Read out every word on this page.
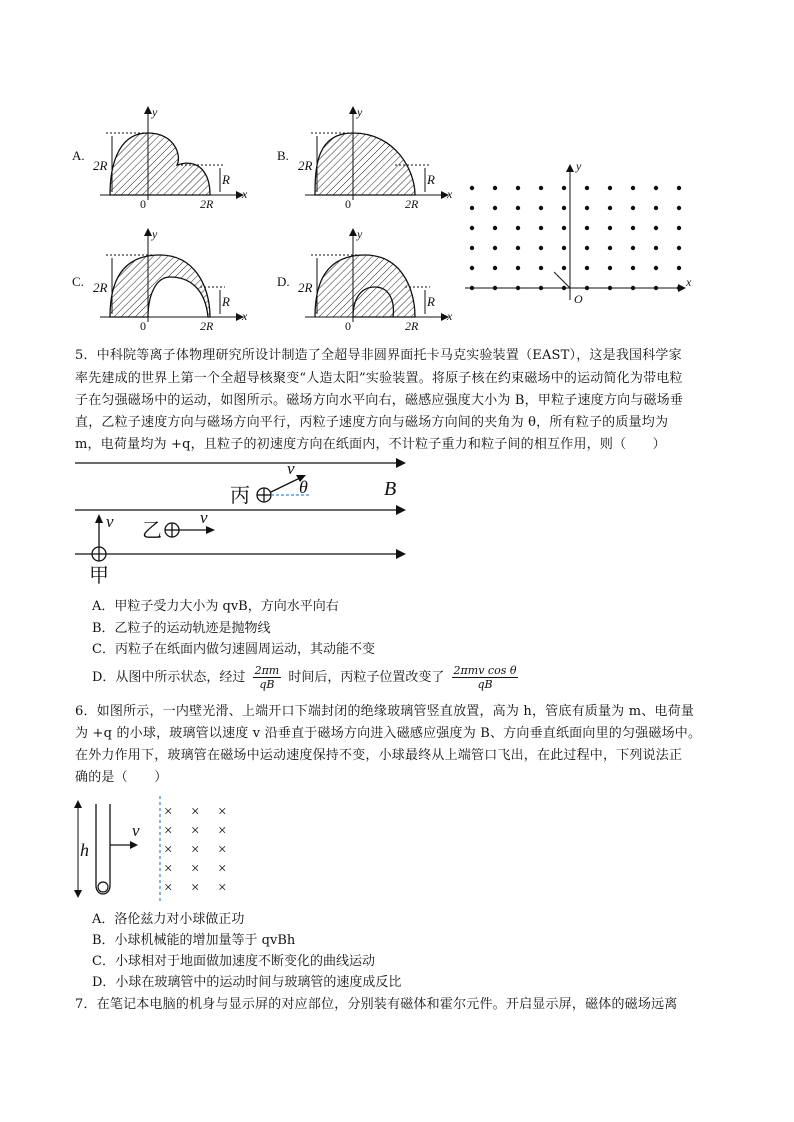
A.
2R
R
0	2R
x
y
B.
2R
R
0	2R
x
y
C. 2R
R
0	2R
x
y
D. 2R
R
0	2R
x
y
O
x
y
5．中科院等离子体物理研究所设计制造了全超导非圆界面托卡马克实验装置（EAST），这是我国科学家
率先建成的世界上第一个全超导核聚变“人造太阳”实验装置。将原子核在约束磁场中的运动简化为带电粒
子在匀强磁场中的运动，如图所示。磁场方向水平向右，磁感应强度大小为 B，甲粒子速度方向与磁场垂
直，乙粒子速度方向与磁场方向平行，丙粒子速度方向与磁场方向间的夹角为 θ，所有粒子的质量均为
m，电荷量均为 +q，且粒子的初速度方向在纸面内，不计粒子重力和粒子间的相互作用，则（　　）
B
丙
v
θ
乙
v
v
甲
A．甲粒子受力大小为 qvB，方向水平向右
B．乙粒子的运动轨迹是抛物线
C．丙粒子在纸面内做匀速圆周运动，其动能不变
D．从图中所示状态，经过 $\frac{2\pi m}{qB}$ 时间后，丙粒子位置改变了 $\frac{\text{2πmv cos θ}}{qB}$
6．如图所示，一内壁光滑、上端开口下端封闭的绝缘玻璃管竖直放置，高为 h，管底有质量为 m、电荷量
为 +q 的小球，玻璃管以速度 v 沿垂直于磁场方向进入磁感应强度为 B、方向垂直纸面向里的匀强磁场中。
在外力作用下，玻璃管在磁场中运动速度保持不变，小球最终从上端管口飞出，在此过程中，下列说法正
确的是（　　）
h
v
× × ×
× × ×
× × ×
× × ×
× × ×
A．洛伦兹力对小球做正功
B．小球机械能的增加量等于 qvBh
C．小球相对于地面做加速度不断变化的曲线运动
D．小球在玻璃管中的运动时间与玻璃管的速度成反比
7．在笔记本电脑的机身与显示屏的对应部位，分别装有磁体和霍尔元件。开启显示屏，磁体的磁场远离
